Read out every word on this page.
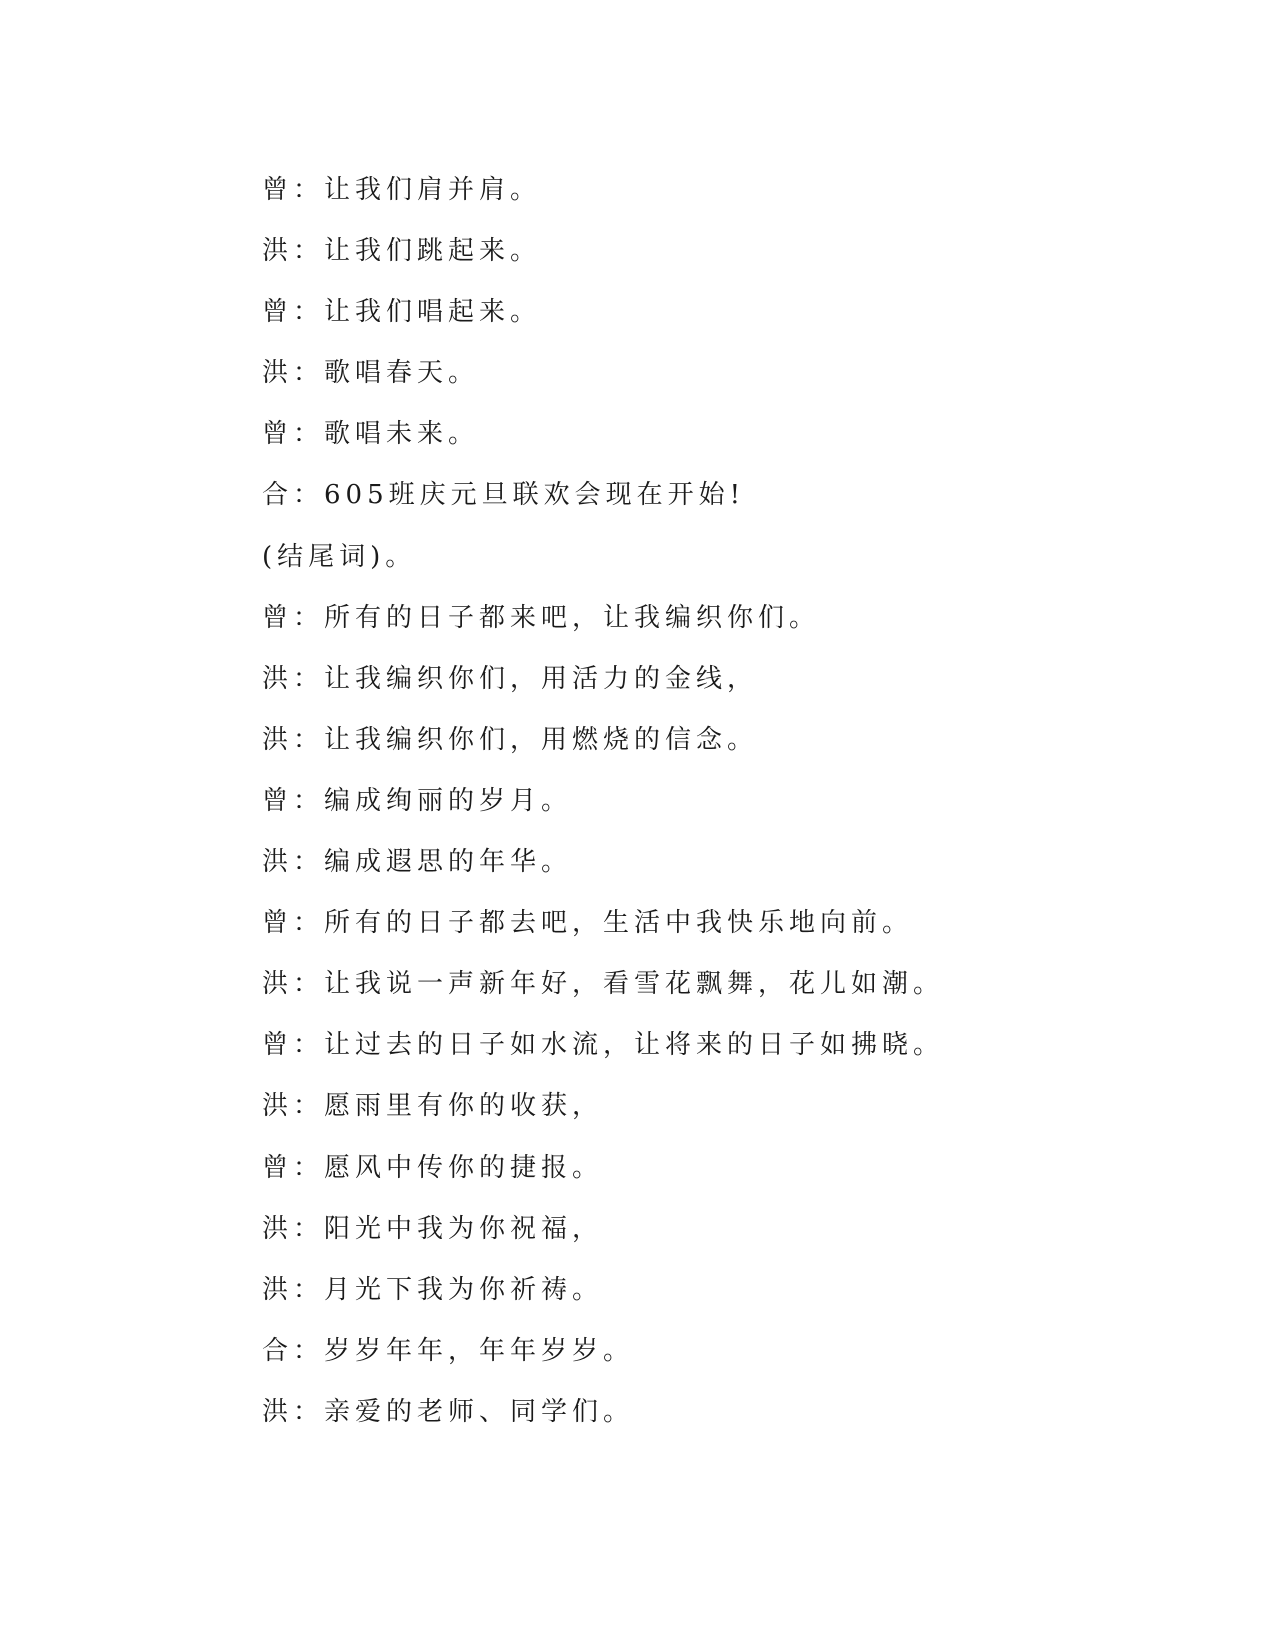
曾：让我们肩并肩。
洪：让我们跳起来。
曾：让我们唱起来。
洪：歌唱春天。
曾：歌唱未来。
合：605班庆元旦联欢会现在开始!
(结尾词)。
曾：所有的日子都来吧，让我编织你们。
洪：让我编织你们，用活力的金线，
洪：让我编织你们，用燃烧的信念。
曾：编成绚丽的岁月。
洪：编成遐思的年华。
曾：所有的日子都去吧，生活中我快乐地向前。
洪：让我说一声新年好，看雪花飘舞，花儿如潮。
曾：让过去的日子如水流，让将来的日子如拂晓。
洪：愿雨里有你的收获，
曾：愿风中传你的捷报。
洪：阳光中我为你祝福，
洪：月光下我为你祈祷。
合：岁岁年年，年年岁岁。
洪：亲爱的老师、同学们。
